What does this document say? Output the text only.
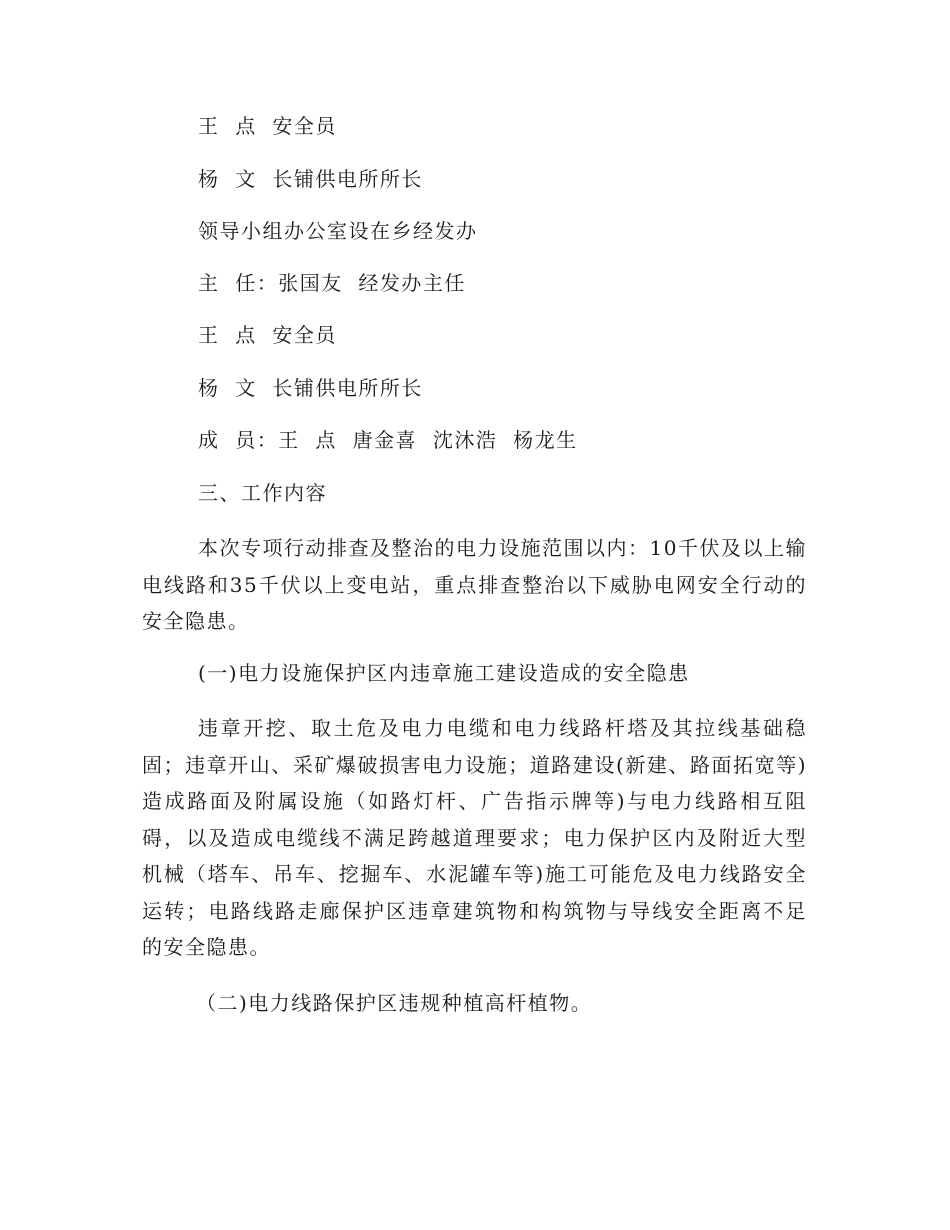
王  点  安全员
杨  文  长铺供电所所长
领导小组办公室设在乡经发办
主  任：张国友  经发办主任
王  点  安全员
杨  文  长铺供电所所长
成  员：王  点  唐金喜  沈沐浩  杨龙生
三、工作内容
本次专项行动排查及整治的电力设施范围以内：10千伏及以上输电线路和35千伏以上变电站，重点排查整治以下威胁电网安全行动的安全隐患。
(一)电力设施保护区内违章施工建设造成的安全隐患
违章开挖、取土危及电力电缆和电力线路杆塔及其拉线基础稳固；违章开山、采矿爆破损害电力设施；道路建设(新建、路面拓宽等)造成路面及附属设施（如路灯杆、广告指示牌等)与电力线路相互阻碍，以及造成电缆线不满足跨越道理要求；电力保护区内及附近大型机械（塔车、吊车、挖掘车、水泥罐车等)施工可能危及电力线路安全运转；电路线路走廊保护区违章建筑物和构筑物与导线安全距离不足的安全隐患。
（二)电力线路保护区违规种植高杆植物。
